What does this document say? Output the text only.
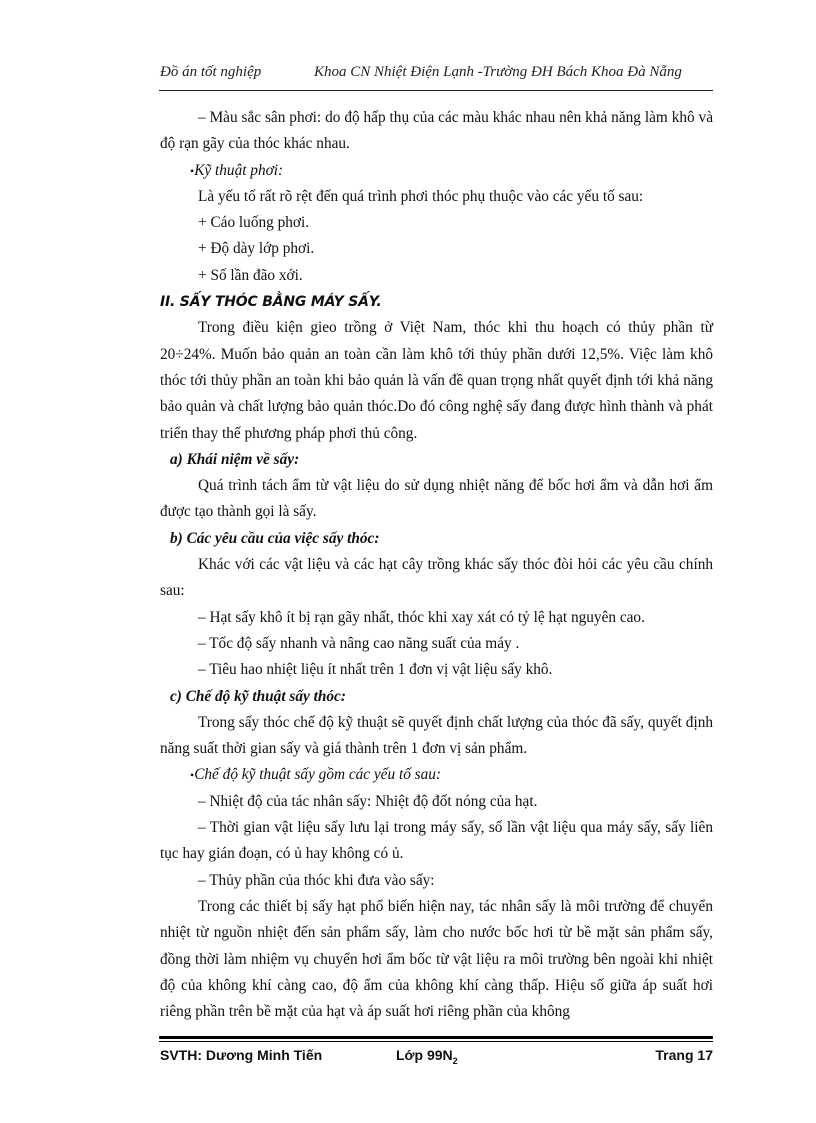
Đồ án tốt nghiệp	Khoa CN Nhiệt Điện Lạnh -Trường ĐH Bách Khoa Đà Nẵng

– Màu sắc sân phơi: do độ hấp thụ của các màu khác nhau nên khả năng làm khô và độ rạn gãy của thóc khác nhau.

•Kỹ thuật phơi:

Là yếu tố rất rõ rệt đến quá trình phơi thóc phụ thuộc vào các yếu tố sau:

+ Cáo luống phơi.

+ Độ dày lớp phơi.

+ Số lần đão xới.

II. SẤY THÓC BẰNG MÁY SẤY.

Trong điều kiện gieo trồng ở Việt Nam, thóc khi thu hoạch có thủy phần từ 20÷24%. Muốn bảo quản an toàn cần làm khô tới thủy phần dưới 12,5%. Việc làm khô thóc tới thủy phần an toàn khi bảo quản là vấn đề quan trọng nhất quyết định tới khả năng bảo quản và chất lượng bảo quản thóc.Do đó công nghệ sấy đang được hình thành và phát triển thay thế phương pháp phơi thủ công.

a) Khái niệm về sấy:

Quá trình tách ẩm từ vật liệu do sử dụng nhiệt năng để bốc hơi ẩm và dẫn hơi ẩm được tạo thành gọi là sấy.

b) Các yêu cầu của việc sấy thóc:

Khác với các vật liệu và các hạt cây trồng khác sấy thóc đòi hỏi các yêu cầu chính sau:

– Hạt sấy khô ít bị rạn gãy nhất, thóc khi xay xát có tỷ lệ hạt nguyên cao.

– Tốc độ sấy nhanh và nâng cao năng suất của máy .

– Tiêu hao nhiệt liệu ít nhất trên 1 đơn vị vật liệu sấy khô.

c) Chế độ kỹ thuật sấy thóc:

Trong sấy thóc chế độ kỹ thuật sẽ quyết định chất lượng của thóc đã sấy, quyết định năng suất thời gian sấy và giá thành trên 1 đơn vị sản phẩm.

•Chế độ kỹ thuật sấy gồm các yếu tố sau:

– Nhiệt độ của tác nhân sấy: Nhiệt độ đốt nóng của hạt.

– Thời gian vật liệu sấy lưu lại trong máy sấy, số lần vật liệu qua máy sấy, sấy liên tục hay gián đoạn, có ủ hay không có ủ.

– Thủy phần của thóc khi đưa vào sấy:

Trong các thiết bị sấy hạt phổ biến hiện nay, tác nhân sấy là môi trường để chuyển nhiệt từ nguồn nhiệt đến sản phẩm sấy, làm cho nước bốc hơi từ bề mặt sản phẩm sấy, đồng thời làm nhiệm vụ chuyển hơi ẩm bốc từ vật liệu ra môi trường bên ngoài khi nhiệt độ của không khí càng cao, độ ẩm của không khí càng thấp. Hiệu số giữa áp suất hơi riêng phần trên bề mặt của hạt và áp suất hơi riêng phần của không

SVTH: Dương Minh Tiến	Lớp $99N_2$	Trang 17
